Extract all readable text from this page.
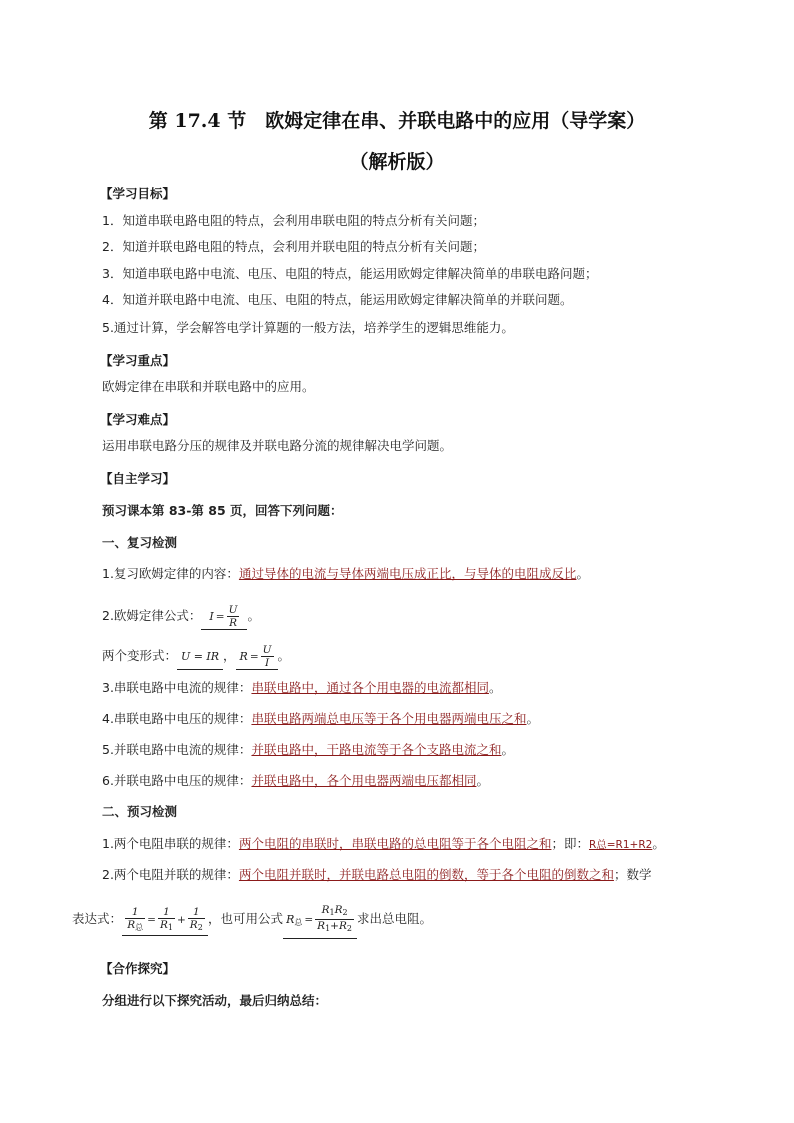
第 17.4 节　欧姆定律在串、并联电路中的应用（导学案）
（解析版）
【学习目标】
1．知道串联电路电阻的特点，会利用串联电阻的特点分析有关问题；
2．知道并联电路电阻的特点，会利用并联电阻的特点分析有关问题；
3．知道串联电路中电流、电压、电阻的特点，能运用欧姆定律解决简单的串联电路问题；
4．知道并联电路中电流、电压、电阻的特点，能运用欧姆定律解决简单的并联问题。
5.通过计算，学会解答电学计算题的一般方法，培养学生的逻辑思维能力。
【学习重点】
欧姆定律在串联和并联电路中的应用。
【学习难点】
运用串联电路分压的规律及并联电路分流的规律解决电学问题。
【自主学习】
预习课本第 83-第 85 页，回答下列问题：
一、复习检测
1.复习欧姆定律的内容：通过导体的电流与导体两端电压成正比，与导体的电阻成反比。
2.欧姆定律公式： $I = \frac{U}{R}$ 。
两个变形式： U = IR ， $R = \frac{U}{I}$ 。
3.串联电路中电流的规律：串联电路中，通过各个用电器的电流都相同。
4.串联电路中电压的规律：串联电路两端总电压等于各个用电器两端电压之和。
5.并联电路中电流的规律：并联电路中，干路电流等于各个支路电流之和。
6.并联电路中电压的规律：并联电路中，各个用电器两端电压都相同。
二、预习检测
1.两个电阻串联的规律：两个电阻的串联时，串联电路的总电阻等于各个电阻之和；即：R总=R1+R2。
2.两个电阻并联的规律：两个电阻并联时，并联电路总电阻的倒数，等于各个电阻的倒数之和；数学
表达式： $\frac{1}{R_总} = \frac{1}{R_1} + \frac{1}{R_2}$ ，也可用公式 $R_总 = \frac{R_1R_2}{R_1+R_2}$ 求出总电阻。
【合作探究】
分组进行以下探究活动，最后归纳总结：
